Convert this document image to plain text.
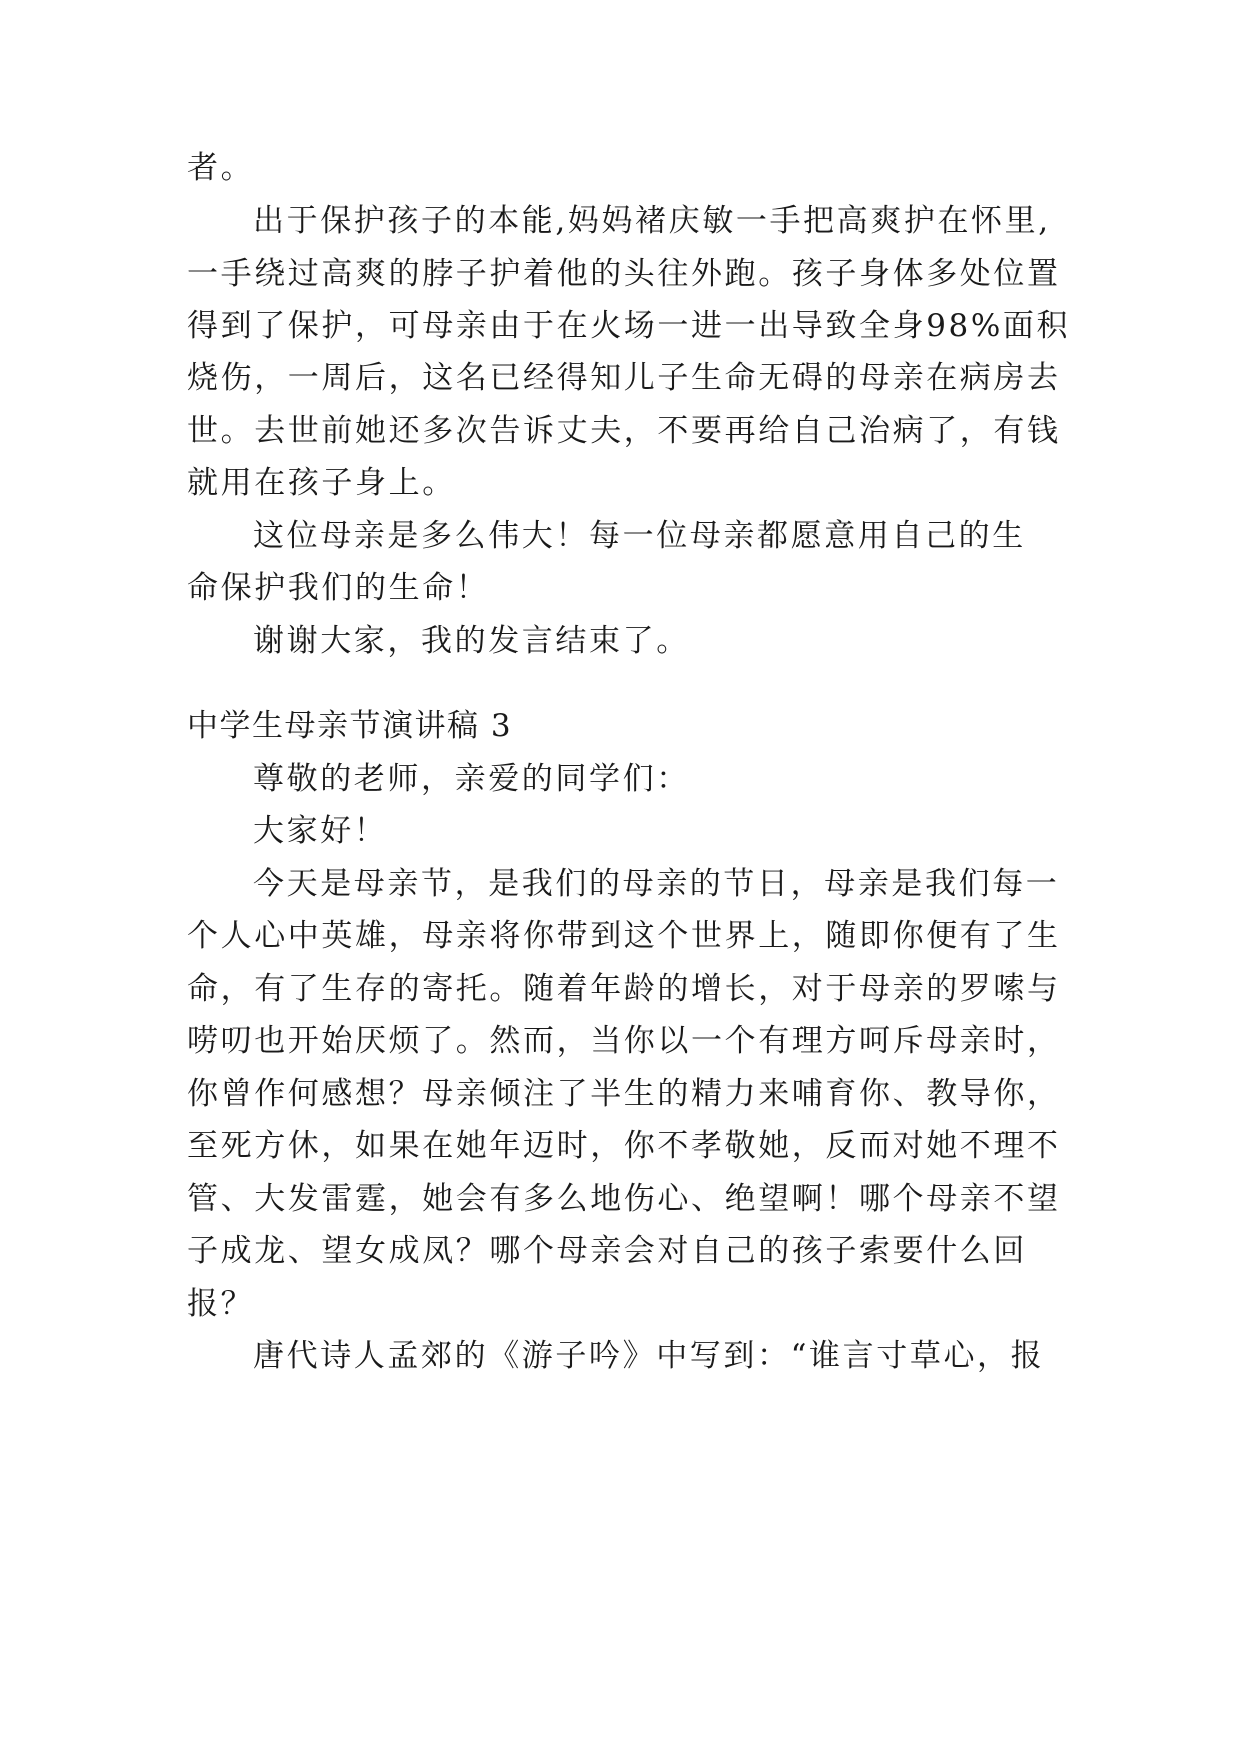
者。
出于保护孩子的本能,妈妈褚庆敏一手把高爽护在怀里,
一手绕过高爽的脖子护着他的头往外跑。孩子身体多处位置
得到了保护，可母亲由于在火场一进一出导致全身98%面积
烧伤，一周后，这名已经得知儿子生命无碍的母亲在病房去
世。去世前她还多次告诉丈夫，不要再给自己治病了，有钱
就用在孩子身上。
这位母亲是多么伟大！每一位母亲都愿意用自己的生
命保护我们的生命！
谢谢大家，我的发言结束了。
中学生母亲节演讲稿 3
尊敬的老师，亲爱的同学们：
大家好！
今天是母亲节，是我们的母亲的节日，母亲是我们每一
个人心中英雄，母亲将你带到这个世界上，随即你便有了生
命，有了生存的寄托。随着年龄的增长，对于母亲的罗嗦与
唠叨也开始厌烦了。然而，当你以一个有理方呵斥母亲时，
你曾作何感想？母亲倾注了半生的精力来哺育你、教导你，
至死方休，如果在她年迈时，你不孝敬她，反而对她不理不
管、大发雷霆，她会有多么地伤心、绝望啊！哪个母亲不望
子成龙、望女成凤？哪个母亲会对自己的孩子索要什么回
报？
唐代诗人孟郊的《游子吟》中写到：“谁言寸草心，报
